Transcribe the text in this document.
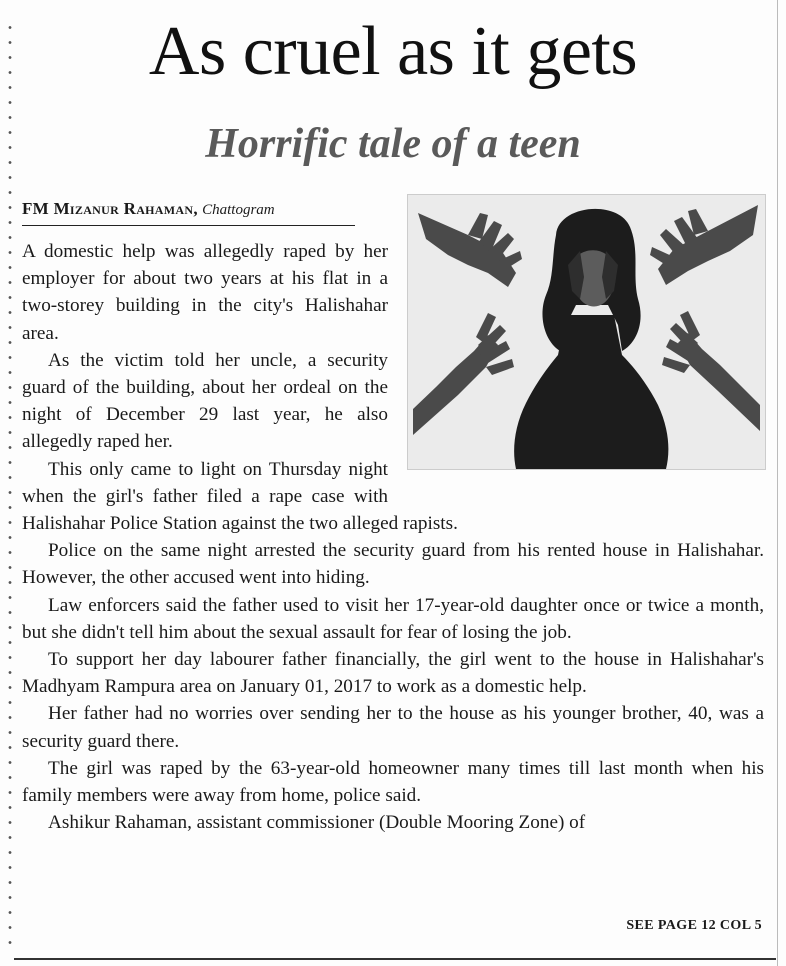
As cruel as it gets
Horrific tale of a teen
FM Mizanur Rahaman, Chattogram

A domestic help was allegedly raped by her employer for about two years at his flat in a two-storey building in the city's Halishahar area.

As the victim told her uncle, a security guard of the building, about her ordeal on the night of December 29 last year, he also allegedly raped her.

This only came to light on Thursday night when the girl's father filed a rape case with Halishahar Police Station against the two alleged rapists.

Police on the same night arrested the security guard from his rented house in Halishahar. However, the other accused went into hiding.

Law enforcers said the father used to visit her 17-year-old daughter once or twice a month, but she didn't tell him about the sexual assault for fear of losing the job.

To support her day labourer father financially, the girl went to the house in Halishahar's Madhyam Rampura area on January 01, 2017 to work as a domestic help.

Her father had no worries over sending her to the house as his younger brother, 40, was a security guard there.

The girl was raped by the 63-year-old homeowner many times till last month when his family members were away from home, police said.

Ashikur Rahaman, assistant commissioner (Double Mooring Zone) of

SEE PAGE 12 COL 5
